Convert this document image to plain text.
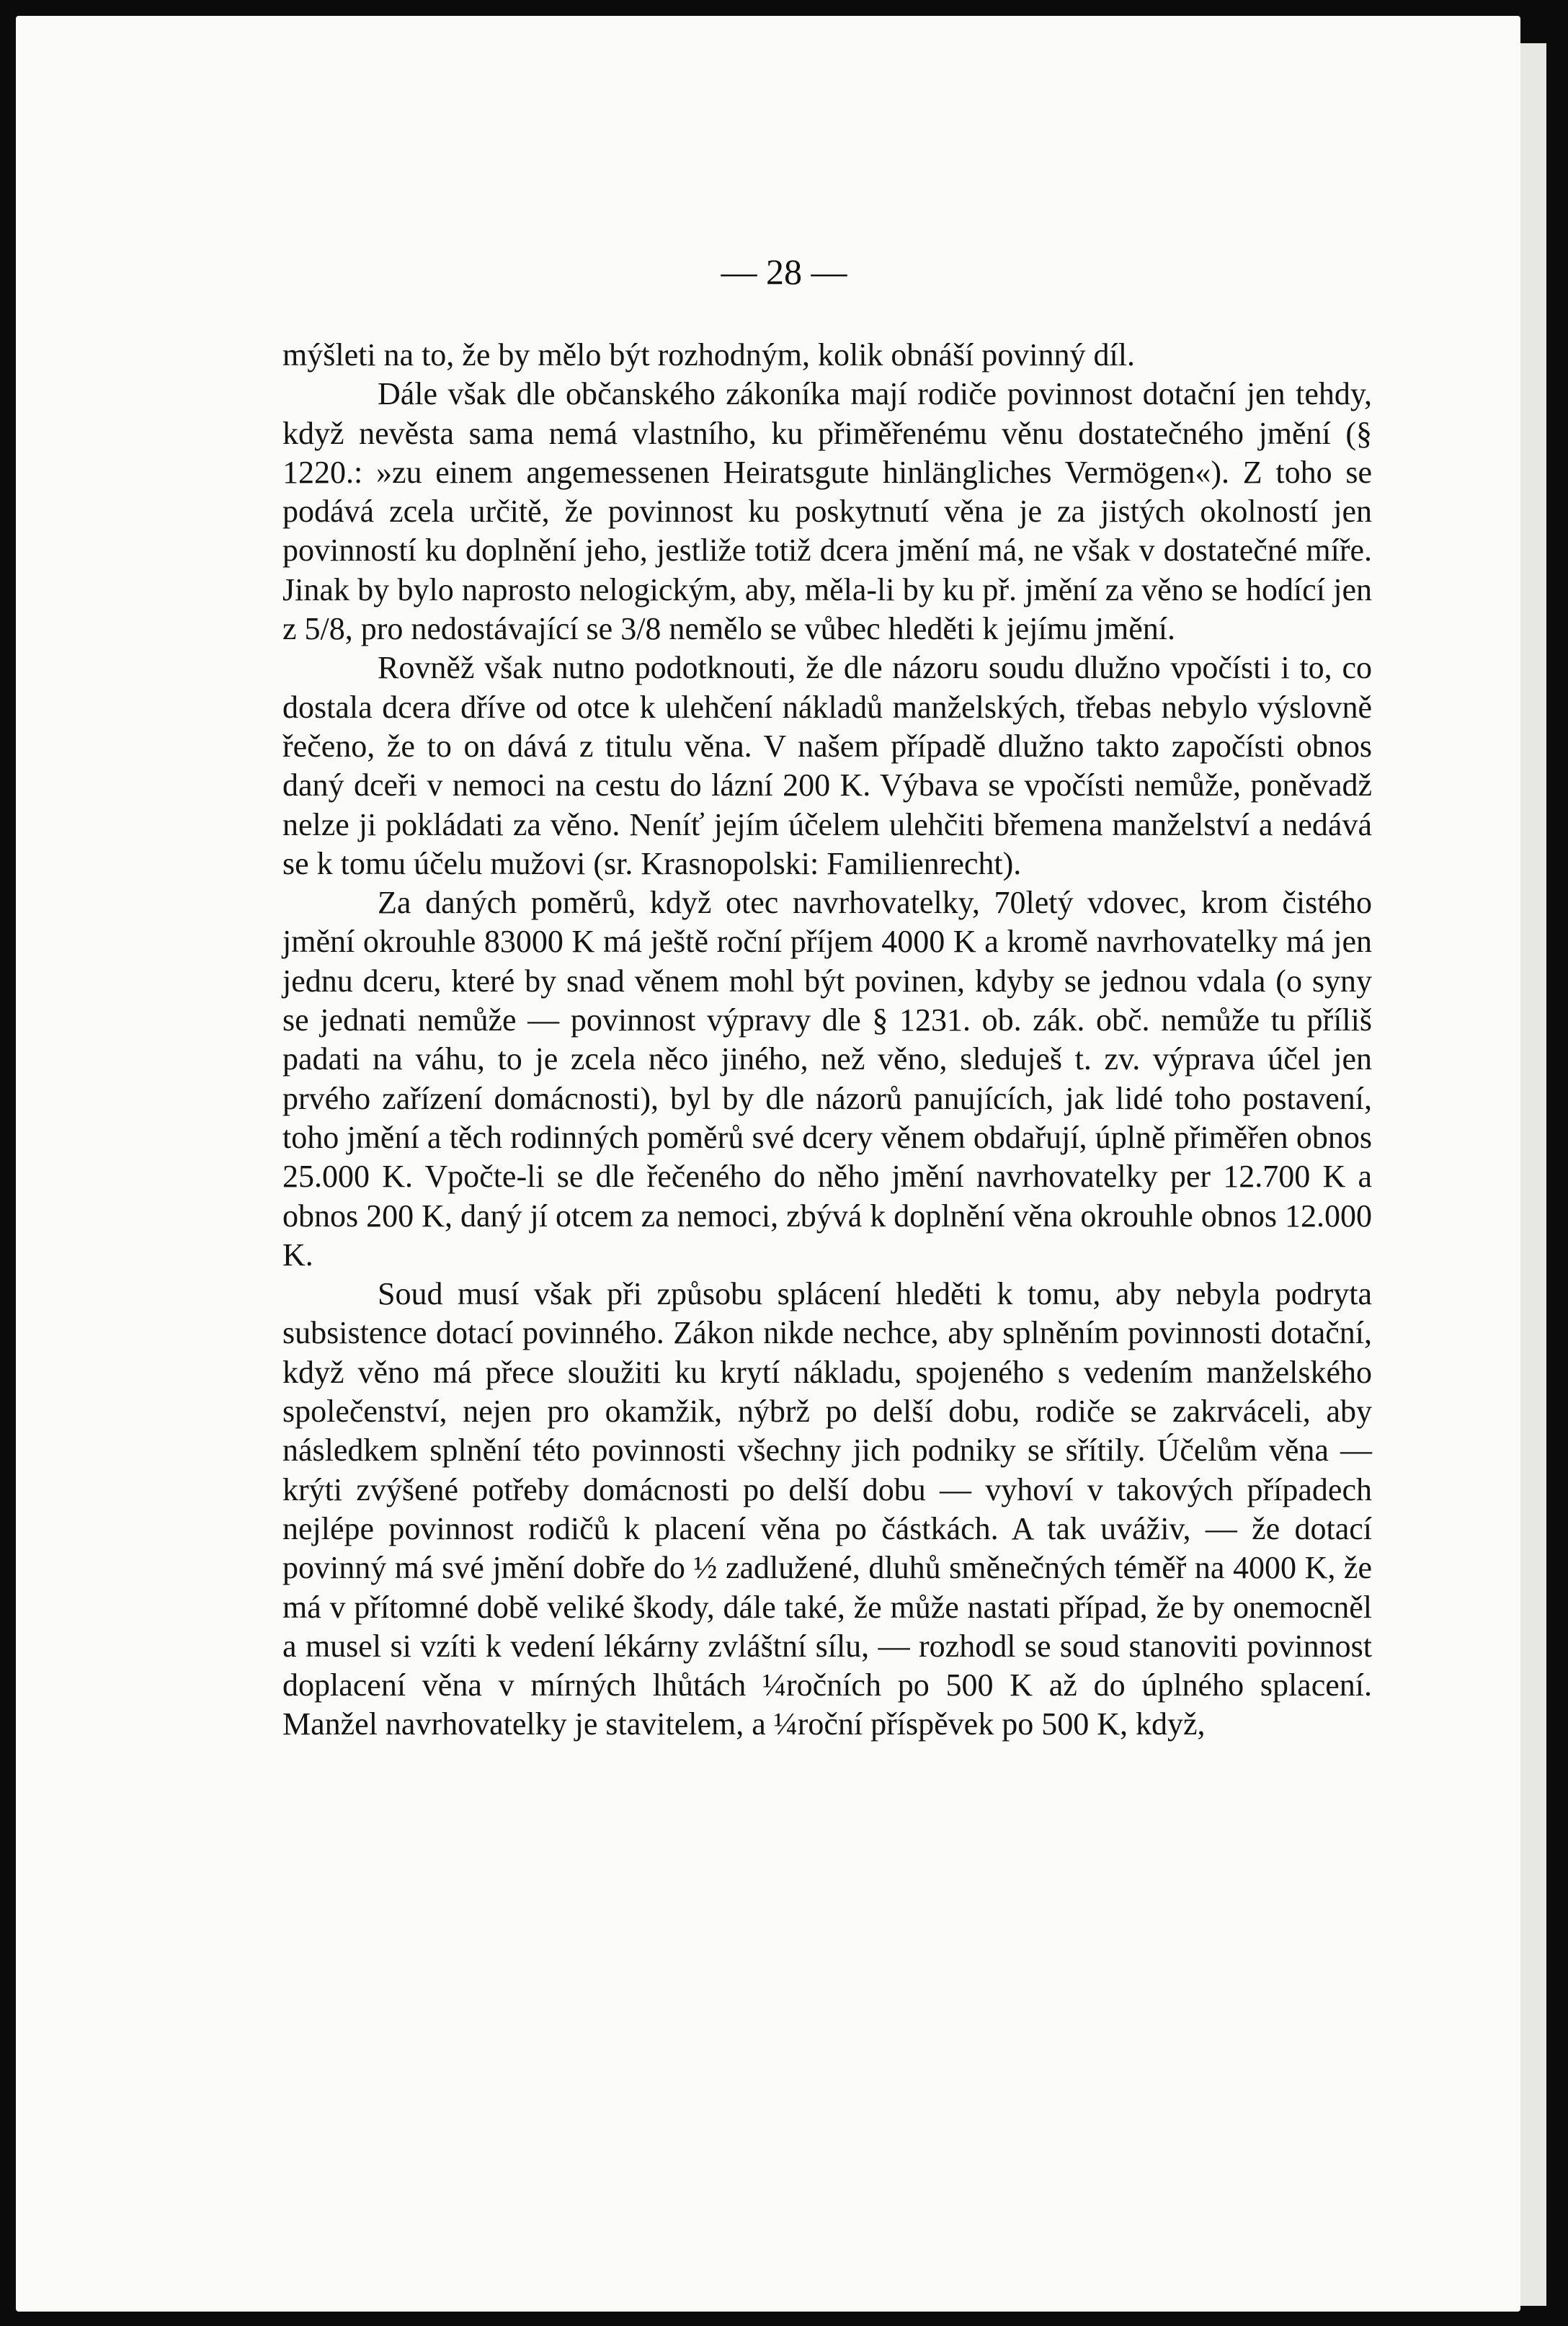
— 28 —

mýšleti na to, že by mělo být rozhodným, kolik obnáší povinný díl.

Dále však dle občanského zákoníka mají rodiče povinnost dotační jen tehdy, když nevěsta sama nemá vlastního, ku přiměřenému věnu dostatečného jmění (§ 1220.: »zu einem angemessenen Heiratsgute hinlängliches Vermögen«). Z toho se podává zcela určitě, že povinnost ku poskytnutí věna je za jistých okolností jen povinností ku doplnění jeho, jestliže totiž dcera jmění má, ne však v dostatečné míře. Jinak by bylo naprosto nelogickým, aby, měla-li by ku př. jmění za věno se hodící jen z 5/8, pro nedostávající se 3/8 nemělo se vůbec hleděti k jejímu jmění.

Rovněž však nutno podotknouti, že dle názoru soudu dlužno vpočísti i to, co dostala dcera dříve od otce k ulehčení nákladů manželských, třebas nebylo výslovně řečeno, že to on dává z titulu věna. V našem případě dlužno takto započísti obnos daný dceři v nemoci na cestu do lázní 200 K. Výbava se vpočísti nemůže, poněvadž nelze ji pokládati za věno. Neníť jejím účelem ulehčiti břemena manželství a nedává se k tomu účelu mužovi (sr. Krasnopolski: Familienrecht).

Za daných poměrů, když otec navrhovatelky, 70letý vdovec, krom čistého jmění okrouhle 83000 K má ještě roční příjem 4000 K a kromě navrhovatelky má jen jednu dceru, které by snad věnem mohl být povinen, kdyby se jednou vdala (o syny se jednati nemůže — povinnost výpravy dle § 1231. ob. zák. obč. nemůže tu příliš padati na váhu, to je zcela něco jiného, než věno, sleduješ t. zv. výprava účel jen prvého zařízení domácnosti), byl by dle názorů panujících, jak lidé toho postavení, toho jmění a těch rodinných poměrů své dcery věnem obdařují, úplně přiměřen obnos 25.000 K. Vpočte-li se dle řečeného do něho jmění navrhovatelky per 12.700 K a obnos 200 K, daný jí otcem za nemoci, zbývá k doplnění věna okrouhle obnos 12.000 K.

Soud musí však při způsobu splácení hleděti k tomu, aby nebyla podryta subsistence dotací povinného. Zákon nikde nechce, aby splněním povinnosti dotační, když věno má přece sloužiti ku krytí nákladu, spojeného s vedením manželského společenství, nejen pro okamžik, nýbrž po delší dobu, rodiče se zakrváceli, aby následkem splnění této povinnosti všechny jich podniky se sřítily. Účelům věna — krýti zvýšené potřeby domácnosti po delší dobu — vyhoví v takových případech nejlépe povinnost rodičů k placení věna po částkách. A tak uváživ, — že dotací povinný má své jmění dobře do ½ zadlužené, dluhů směnečných téměř na 4000 K, že má v přítomné době veliké škody, dále také, že může nastati případ, že by onemocněl a musel si vzíti k vedení lékárny zvláštní sílu, — rozhodl se soud stanoviti povinnost doplacení věna v mírných lhůtách ¼ročních po 500 K až do úplného splacení. Manžel navrhovatelky je stavitelem, a ¼roční příspěvek po 500 K, když,
